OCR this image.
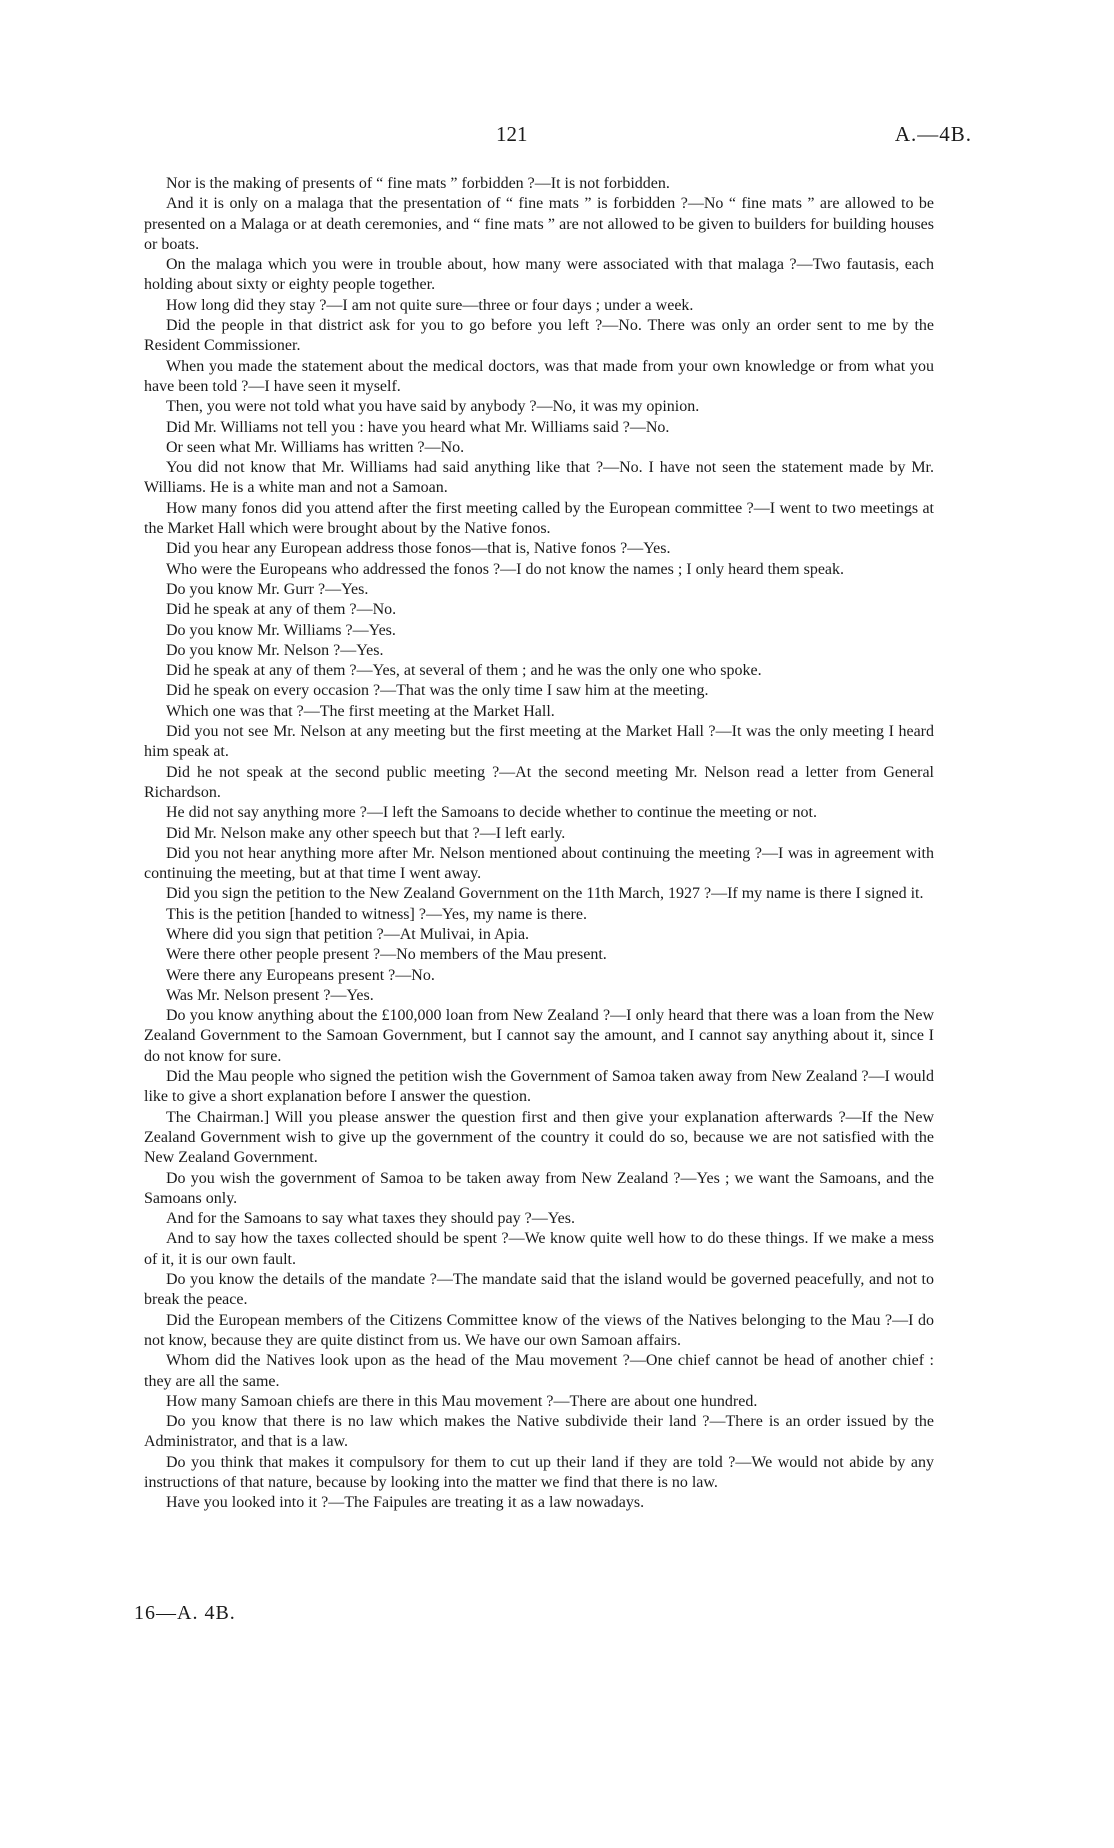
121	A.—4B.

Nor is the making of presents of “ fine mats ” forbidden ?—It is not forbidden.

And it is only on a malaga that the presentation of “ fine mats ” is forbidden ?—No “ fine mats ” are allowed to be presented on a Malaga or at death ceremonies, and “ fine mats ” are not allowed to be given to builders for building houses or boats.

On the malaga which you were in trouble about, how many were associated with that malaga ?—Two fautasis, each holding about sixty or eighty people together.

How long did they stay ?—I am not quite sure—three or four days ; under a week.

Did the people in that district ask for you to go before you left ?—No. There was only an order sent to me by the Resident Commissioner.

When you made the statement about the medical doctors, was that made from your own knowledge or from what you have been told ?—I have seen it myself.

Then, you were not told what you have said by anybody ?—No, it was my opinion.

Did Mr. Williams not tell you : have you heard what Mr. Williams said ?—No.

Or seen what Mr. Williams has written ?—No.

You did not know that Mr. Williams had said anything like that ?—No. I have not seen the statement made by Mr. Williams. He is a white man and not a Samoan.

How many fonos did you attend after the first meeting called by the European committee ?—I went to two meetings at the Market Hall which were brought about by the Native fonos.

Did you hear any European address those fonos—that is, Native fonos ?—Yes.

Who were the Europeans who addressed the fonos ?—I do not know the names ; I only heard them speak.

Do you know Mr. Gurr ?—Yes.

Did he speak at any of them ?—No.

Do you know Mr. Williams ?—Yes.

Do you know Mr. Nelson ?—Yes.

Did he speak at any of them ?—Yes, at several of them ; and he was the only one who spoke.

Did he speak on every occasion ?—That was the only time I saw him at the meeting.

Which one was that ?—The first meeting at the Market Hall.

Did you not see Mr. Nelson at any meeting but the first meeting at the Market Hall ?—It was the only meeting I heard him speak at.

Did he not speak at the second public meeting ?—At the second meeting Mr. Nelson read a letter from General Richardson.

He did not say anything more ?—I left the Samoans to decide whether to continue the meeting or not.

Did Mr. Nelson make any other speech but that ?—I left early.

Did you not hear anything more after Mr. Nelson mentioned about continuing the meeting ?—I was in agreement with continuing the meeting, but at that time I went away.

Did you sign the petition to the New Zealand Government on the 11th March, 1927 ?—If my name is there I signed it.

This is the petition [handed to witness] ?—Yes, my name is there.

Where did you sign that petition ?—At Mulivai, in Apia.

Were there other people present ?—No members of the Mau present.

Were there any Europeans present ?—No.

Was Mr. Nelson present ?—Yes.

Do you know anything about the £100,000 loan from New Zealand ?—I only heard that there was a loan from the New Zealand Government to the Samoan Government, but I cannot say the amount, and I cannot say anything about it, since I do not know for sure.

Did the Mau people who signed the petition wish the Government of Samoa taken away from New Zealand ?—I would like to give a short explanation before I answer the question.

The Chairman.] Will you please answer the question first and then give your explanation afterwards ?—If the New Zealand Government wish to give up the government of the country it could do so, because we are not satisfied with the New Zealand Government.

Do you wish the government of Samoa to be taken away from New Zealand ?—Yes ; we want the Samoans, and the Samoans only.

And for the Samoans to say what taxes they should pay ?—Yes.

And to say how the taxes collected should be spent ?—We know quite well how to do these things. If we make a mess of it, it is our own fault.

Do you know the details of the mandate ?—The mandate said that the island would be governed peacefully, and not to break the peace.

Did the European members of the Citizens Committee know of the views of the Natives belonging to the Mau ?—I do not know, because they are quite distinct from us. We have our own Samoan affairs.

Whom did the Natives look upon as the head of the Mau movement ?—One chief cannot be head of another chief : they are all the same.

How many Samoan chiefs are there in this Mau movement ?—There are about one hundred.

Do you know that there is no law which makes the Native subdivide their land ?—There is an order issued by the Administrator, and that is a law.

Do you think that makes it compulsory for them to cut up their land if they are told ?—We would not abide by any instructions of that nature, because by looking into the matter we find that there is no law.

Have you looked into it ?—The Faipules are treating it as a law nowadays.

16—A. 4B.
